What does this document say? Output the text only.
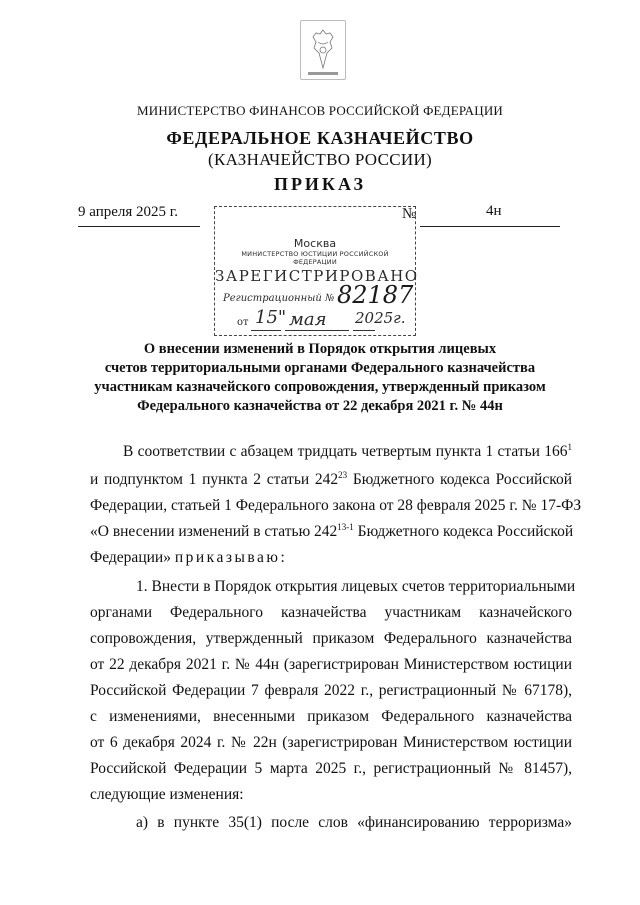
МИНИСТЕРСТВО ФИНАНСОВ РОССИЙСКОЙ ФЕДЕРАЦИИ
ФЕДЕРАЛЬНОЕ КАЗНАЧЕЙСТВО
(КАЗНАЧЕЙСТВО РОССИИ)
ПРИКАЗ
9 апреля 2025 г.	№	4н
Москва
МИНИСТЕРСТВО ЮСТИЦИИ РОССИЙСКОЙ ФЕДЕРАЦИИ
ЗАРЕГИСТРИРОВАНО
Регистрационный № 82187
от 15" мая 2025г.
О внесении изменений в Порядок открытия лицевых
счетов территориальными органами Федерального казначейства
участникам казначейского сопровождения, утвержденный приказом
Федерального казначейства от 22 декабря 2021 г. № 44н
В соответствии с абзацем тридцать четвертым пункта 1 статьи $166^1$
и подпунктом 1 пункта 2 статьи $242^{23}$ Бюджетного кодекса Российской
Федерации, статьей 1 Федерального закона от 28 февраля 2025 г. № 17-ФЗ
«О внесении изменений в статью 242$^{13-1}$ Бюджетного кодекса Российской
Федерации» приказываю:
1. Внести в Порядок открытия лицевых счетов территориальными
органами Федерального казначейства участникам казначейского
сопровождения, утвержденный приказом Федерального казначейства
от 22 декабря 2021 г. № 44н (зарегистрирован Министерством юстиции
Российской Федерации 7 февраля 2022 г., регистрационный № 67178),
с изменениями, внесенными приказом Федерального казначейства
от 6 декабря 2024 г. № 22н (зарегистрирован Министерством юстиции
Российской Федерации 5 марта 2025 г., регистрационный № 81457),
следующие изменения:
а) в пункте 35(1) после слов «финансированию терроризма»
